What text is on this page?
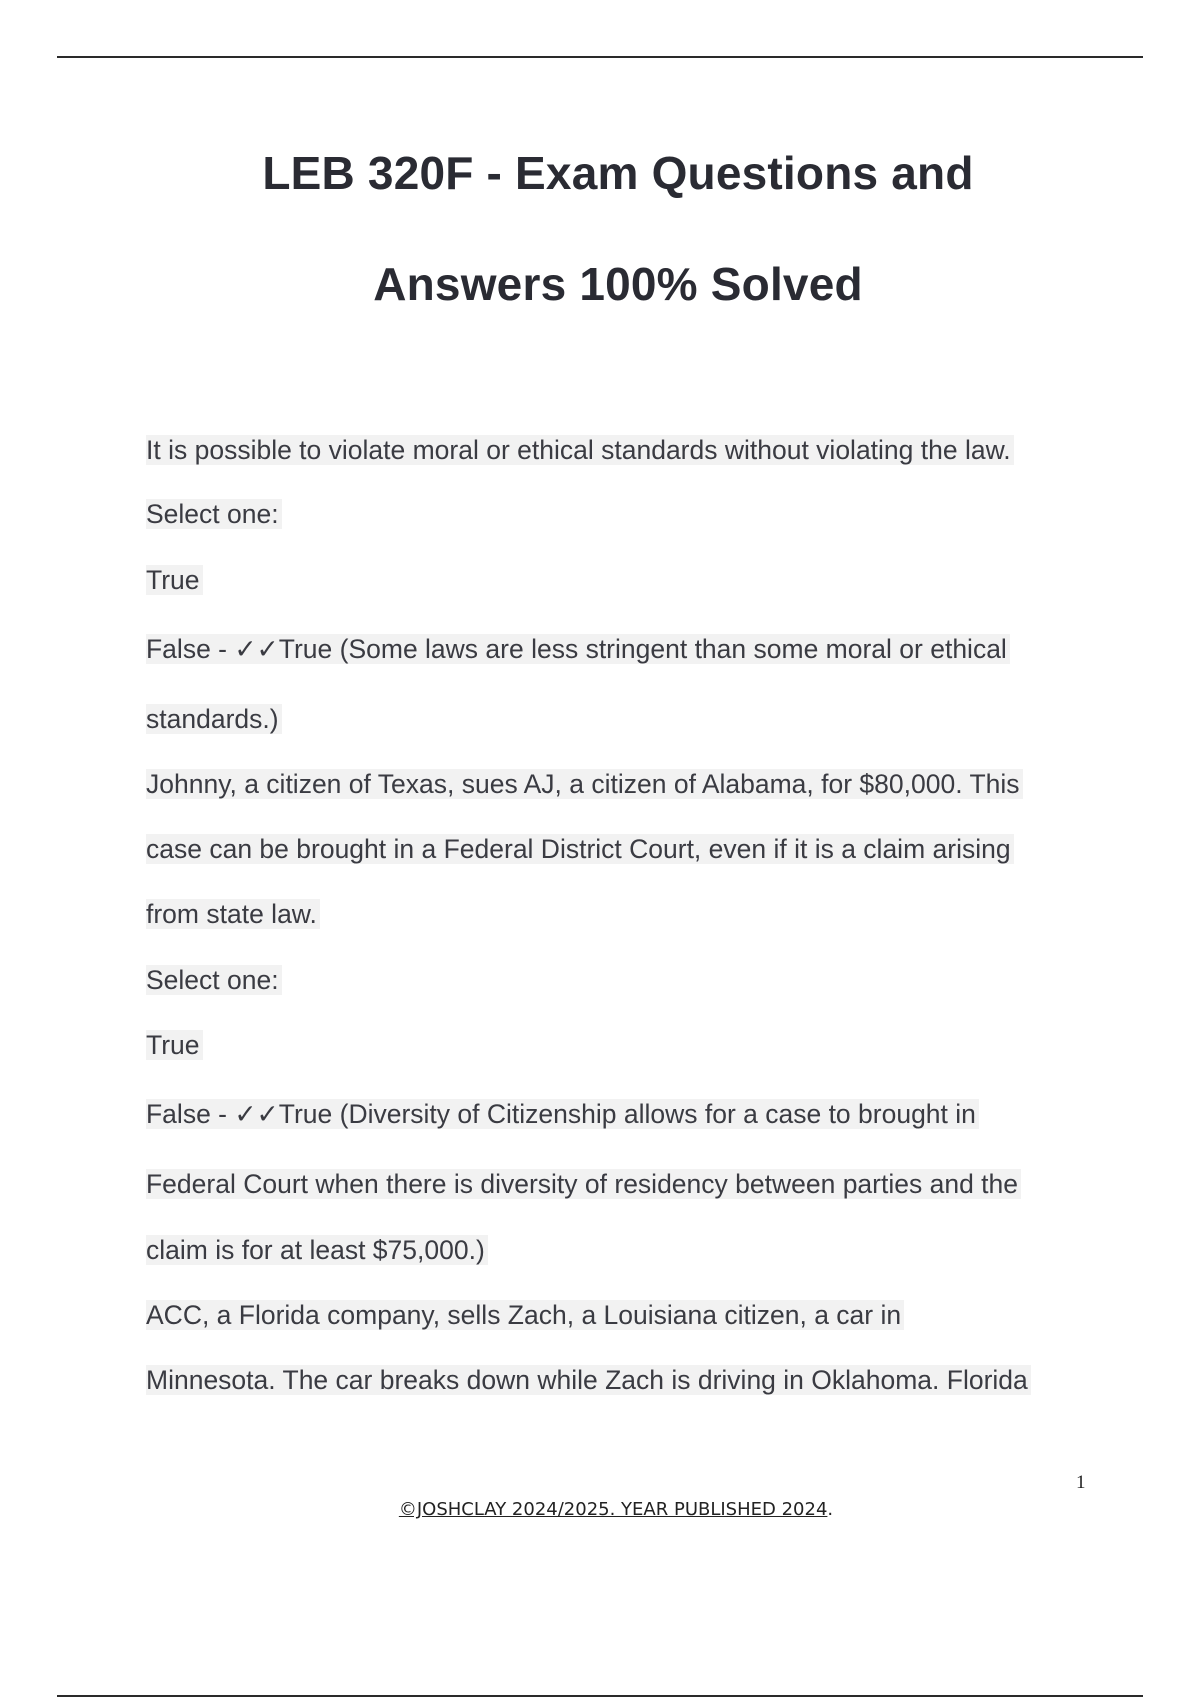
LEB 320F - Exam Questions and
Answers 100% Solved
It is possible to violate moral or ethical standards without violating the law.
Select one:
True
False - ✓✓True (Some laws are less stringent than some moral or ethical
standards.)
Johnny, a citizen of Texas, sues AJ, a citizen of Alabama, for $80,000. This
case can be brought in a Federal District Court, even if it is a claim arising
from state law.
Select one:
True
False - ✓✓True (Diversity of Citizenship allows for a case to brought in
Federal Court when there is diversity of residency between parties and the
claim is for at least $75,000.)
ACC, a Florida company, sells Zach, a Louisiana citizen, a car in
Minnesota. The car breaks down while Zach is driving in Oklahoma. Florida
1
©JOSHCLAY 2024/2025. YEAR PUBLISHED 2024.
